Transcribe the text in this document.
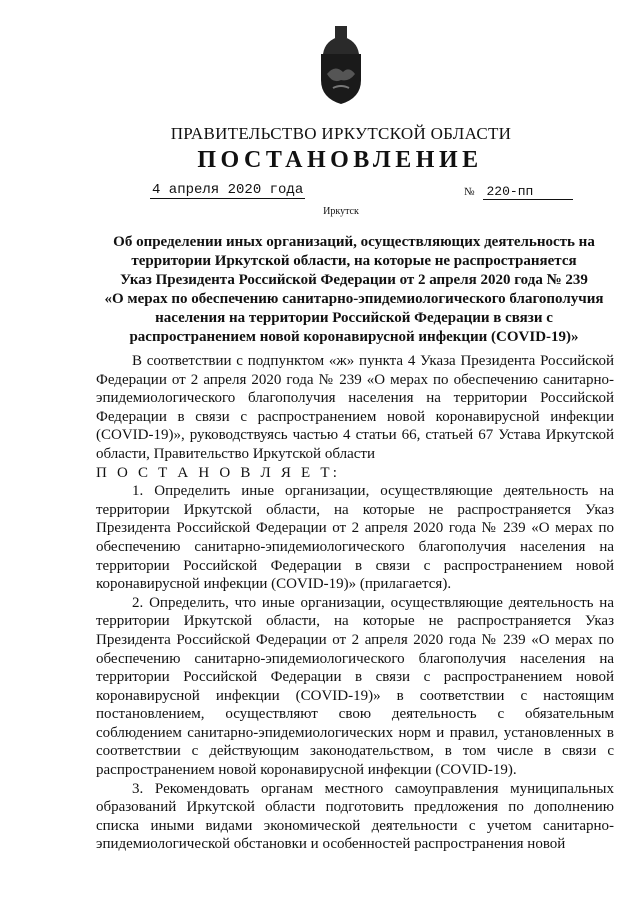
ПРАВИТЕЛЬСТВО ИРКУТСКОЙ ОБЛАСТИ
ПОСТАНОВЛЕНИЕ
4 апреля 2020 года	№ 220-пп
Иркутск
Об определении иных организаций, осуществляющих деятельность на
территории Иркутской области, на которые не распространяется
Указ Президента Российской Федерации от 2 апреля 2020 года № 239
«О мерах по обеспечению санитарно-эпидемиологического благополучия
населения на территории Российской Федерации в связи с
распространением новой коронавирусной инфекции (COVID-19)»

В соответствии с подпунктом «ж» пункта 4 Указа Президента Российской Федерации от 2 апреля 2020 года № 239 «О мерах по обеспечению санитарно-эпидемиологического благополучия населения на территории Российской Федерации в связи с распространением новой коронавирусной инфекции (COVID-19)», руководствуясь частью 4 статьи 66, статьей 67 Устава Иркутской области, Правительство Иркутской области

П О С Т А Н О В Л Я Е Т:

1. Определить иные организации, осуществляющие деятельность на территории Иркутской области, на которые не распространяется Указ Президента Российской Федерации от 2 апреля 2020 года № 239 «О мерах по обеспечению санитарно-эпидемиологического благополучия населения на территории Российской Федерации в связи с распространением новой коронавирусной инфекции (COVID-19)» (прилагается).

2. Определить, что иные организации, осуществляющие деятельность на территории Иркутской области, на которые не распространяется Указ Президента Российской Федерации от 2 апреля 2020 года № 239 «О мерах по обеспечению санитарно-эпидемиологического благополучия населения на территории Российской Федерации в связи с распространением новой коронавирусной инфекции (COVID-19)» в соответствии с настоящим постановлением, осуществляют свою деятельность с обязательным соблюдением санитарно-эпидемиологических норм и правил, установленных в соответствии с действующим законодательством, в том числе в связи с распространением новой коронавирусной инфекции (COVID-19).

3. Рекомендовать органам местного самоуправления муниципальных образований Иркутской области подготовить предложения по дополнению списка иными видами экономической деятельности с учетом санитарно-эпидемиологической обстановки и особенностей распространения новой
